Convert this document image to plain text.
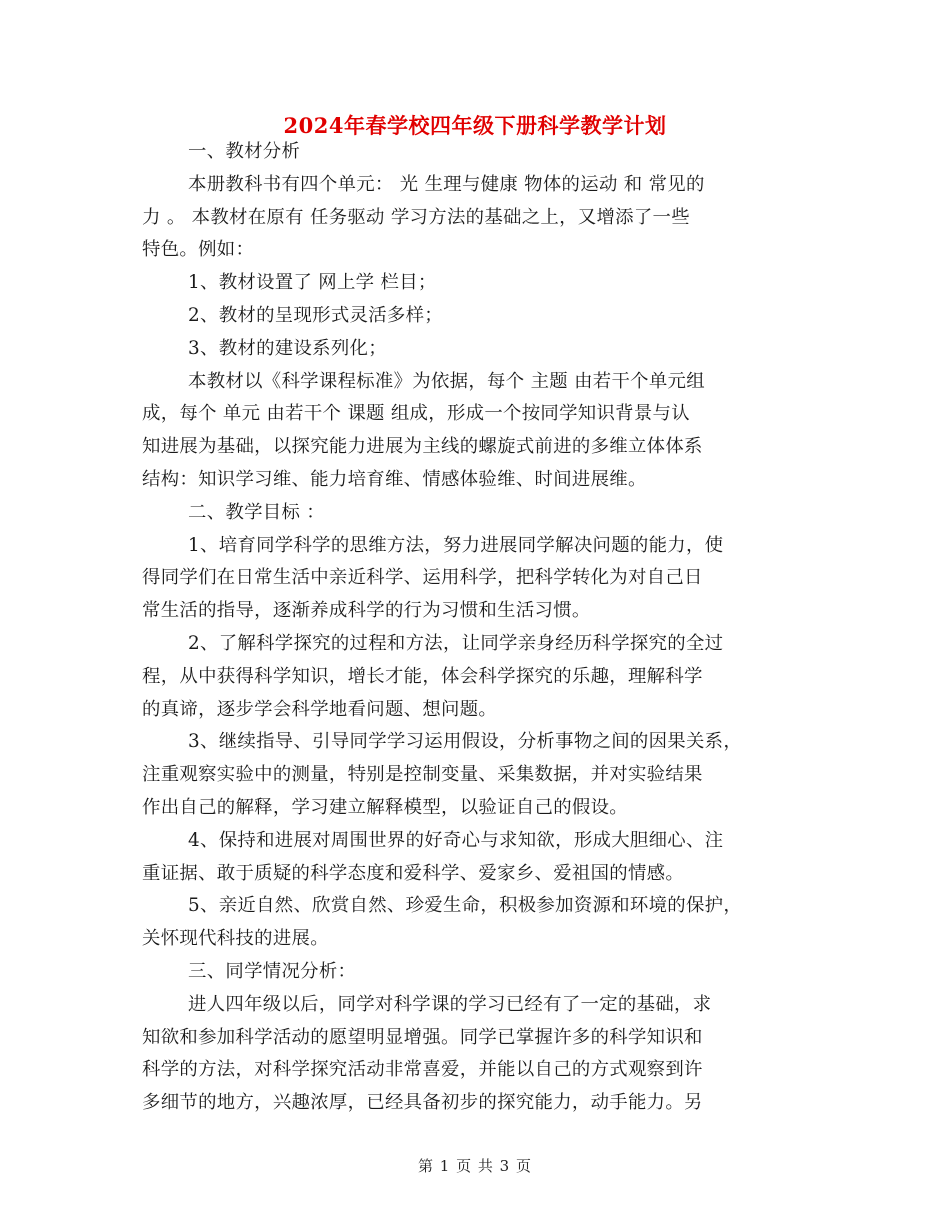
2024年春学校四年级下册科学教学计划
一、教材分析
本册教科书有四个单元： 光 生理与健康 物体的运动 和 常见的
力 。 本教材在原有 任务驱动 学习方法的基础之上，又增添了一些
特色。例如：
1、教材设置了 网上学 栏目；
2、教材的呈现形式灵活多样；
3、教材的建设系列化；
本教材以《科学课程标准》为依据，每个 主题 由若干个单元组
成，每个 单元 由若干个 课题 组成，形成一个按同学知识背景与认
知进展为基础，以探究能力进展为主线的螺旋式前进的多维立体体系
结构：知识学习维、能力培育维、情感体验维、时间进展维。
二、教学目标 ：
1、培育同学科学的思维方法，努力进展同学解决问题的能力，使
得同学们在日常生活中亲近科学、运用科学，把科学转化为对自己日
常生活的指导，逐渐养成科学的行为习惯和生活习惯。
2、了解科学探究的过程和方法，让同学亲身经历科学探究的全过
程，从中获得科学知识，增长才能，体会科学探究的乐趣，理解科学
的真谛，逐步学会科学地看问题、想问题。
3、继续指导、引导同学学习运用假设，分析事物之间的因果关系，
注重观察实验中的测量，特别是控制变量、采集数据，并对实验结果
作出自己的解释，学习建立解释模型，以验证自己的假设。
4、保持和进展对周围世界的好奇心与求知欲，形成大胆细心、注
重证据、敢于质疑的科学态度和爱科学、爱家乡、爱祖国的情感。
5、亲近自然、欣赏自然、珍爱生命，积极参加资源和环境的保护，
关怀现代科技的进展。
三、同学情况分析：
进人四年级以后，同学对科学课的学习已经有了一定的基础，求
知欲和参加科学活动的愿望明显增强。同学已掌握许多的科学知识和
科学的方法，对科学探究活动非常喜爱，并能以自己的方式观察到许
多细节的地方，兴趣浓厚，已经具备初步的探究能力，动手能力。另
第 1 页 共 3 页
